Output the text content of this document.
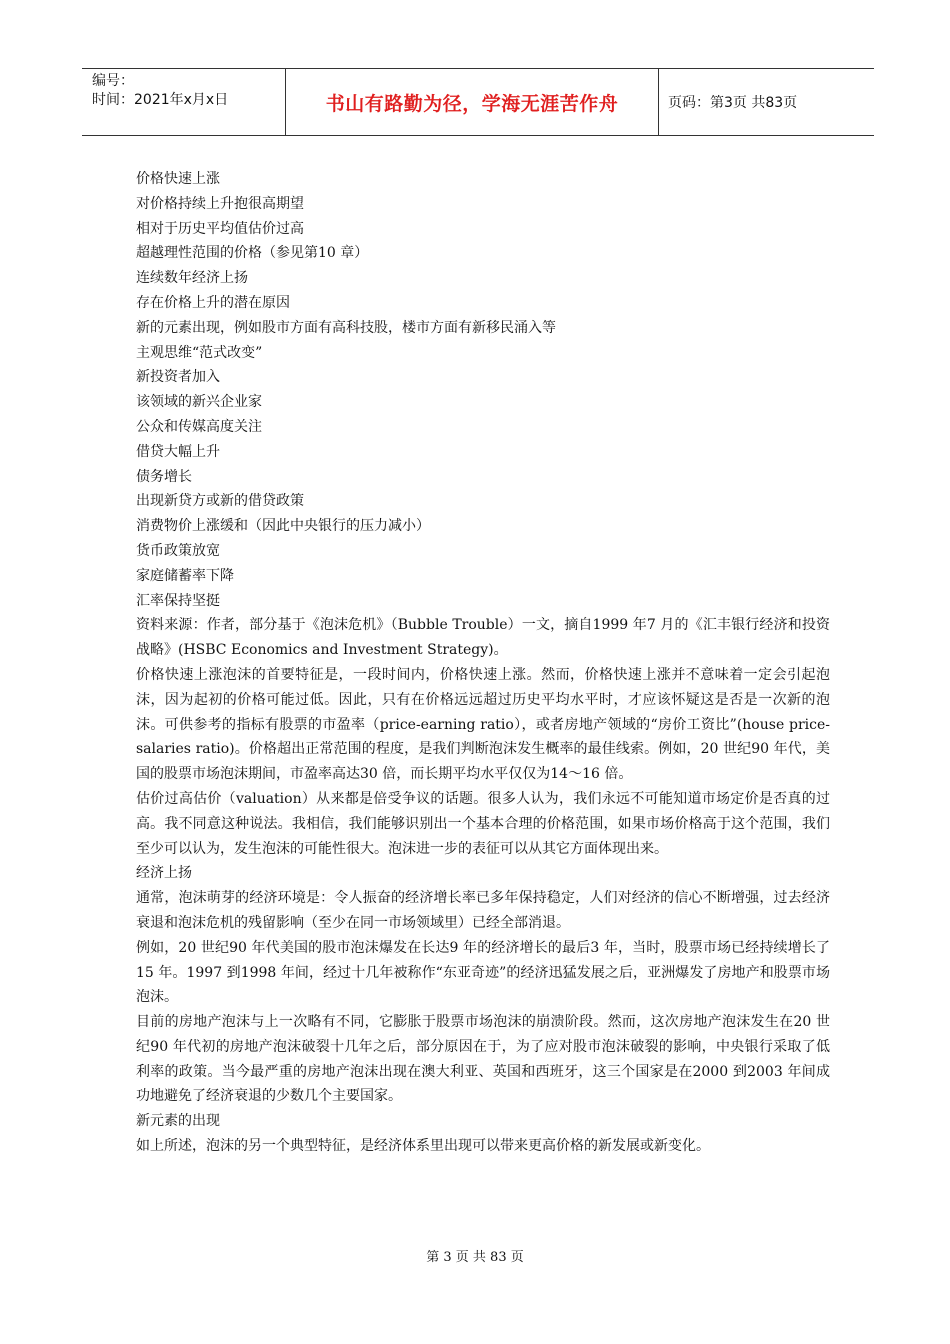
编号：
时间：2021年x月x日	书山有路勤为径，学海无涯苦作舟	页码：第3页 共83页

价格快速上涨

对价格持续上升抱很高期望

相对于历史平均值估价过高

超越理性范围的价格（参见第10 章）

连续数年经济上扬

存在价格上升的潜在原因

新的元素出现，例如股市方面有高科技股，楼市方面有新移民涌入等

主观思维“范式改变”

新投资者加入

该领域的新兴企业家

公众和传媒高度关注

借贷大幅上升

债务增长

出现新贷方或新的借贷政策

消费物价上涨缓和（因此中央银行的压力减小）

货币政策放宽

家庭储蓄率下降

汇率保持坚挺

资料来源：作者，部分基于《泡沫危机》（Bubble Trouble）一文，摘自1999 年7 月的《汇丰银行经济和投资战略》(HSBC Economics and Investment Strategy)。

价格快速上涨泡沫的首要特征是，一段时间内，价格快速上涨。然而，价格快速上涨并不意味着一定会引起泡沫，因为起初的价格可能过低。因此，只有在价格远远超过历史平均水平时，才应该怀疑这是否是一次新的泡沫。可供参考的指标有股票的市盈率（price-earning ratio），或者房地产领域的“房价工资比”(house price-salaries ratio)。价格超出正常范围的程度，是我们判断泡沫发生概率的最佳线索。例如，20 世纪90 年代，美国的股票市场泡沫期间，市盈率高达30 倍，而长期平均水平仅仅为14～16 倍。

估价过高估价（valuation）从来都是倍受争议的话题。很多人认为，我们永远不可能知道市场定价是否真的过高。我不同意这种说法。我相信，我们能够识别出一个基本合理的价格范围，如果市场价格高于这个范围，我们至少可以认为，发生泡沫的可能性很大。泡沫进一步的表征可以从其它方面体现出来。

经济上扬

通常，泡沫萌芽的经济环境是：令人振奋的经济增长率已多年保持稳定，人们对经济的信心不断增强，过去经济衰退和泡沫危机的残留影响（至少在同一市场领域里）已经全部消退。

例如，20 世纪90 年代美国的股市泡沫爆发在长达9 年的经济增长的最后3 年，当时，股票市场已经持续增长了15 年。1997 到1998 年间，经过十几年被称作“东亚奇迹”的经济迅猛发展之后，亚洲爆发了房地产和股票市场泡沫。

目前的房地产泡沫与上一次略有不同，它膨胀于股票市场泡沫的崩溃阶段。然而，这次房地产泡沫发生在20 世纪90 年代初的房地产泡沫破裂十几年之后，部分原因在于，为了应对股市泡沫破裂的影响，中央银行采取了低利率的政策。当今最严重的房地产泡沫出现在澳大利亚、英国和西班牙，这三个国家是在2000 到2003 年间成功地避免了经济衰退的少数几个主要国家。

新元素的出现

如上所述，泡沫的另一个典型特征，是经济体系里出现可以带来更高价格的新发展或新变化。

第 3 页 共 83 页
